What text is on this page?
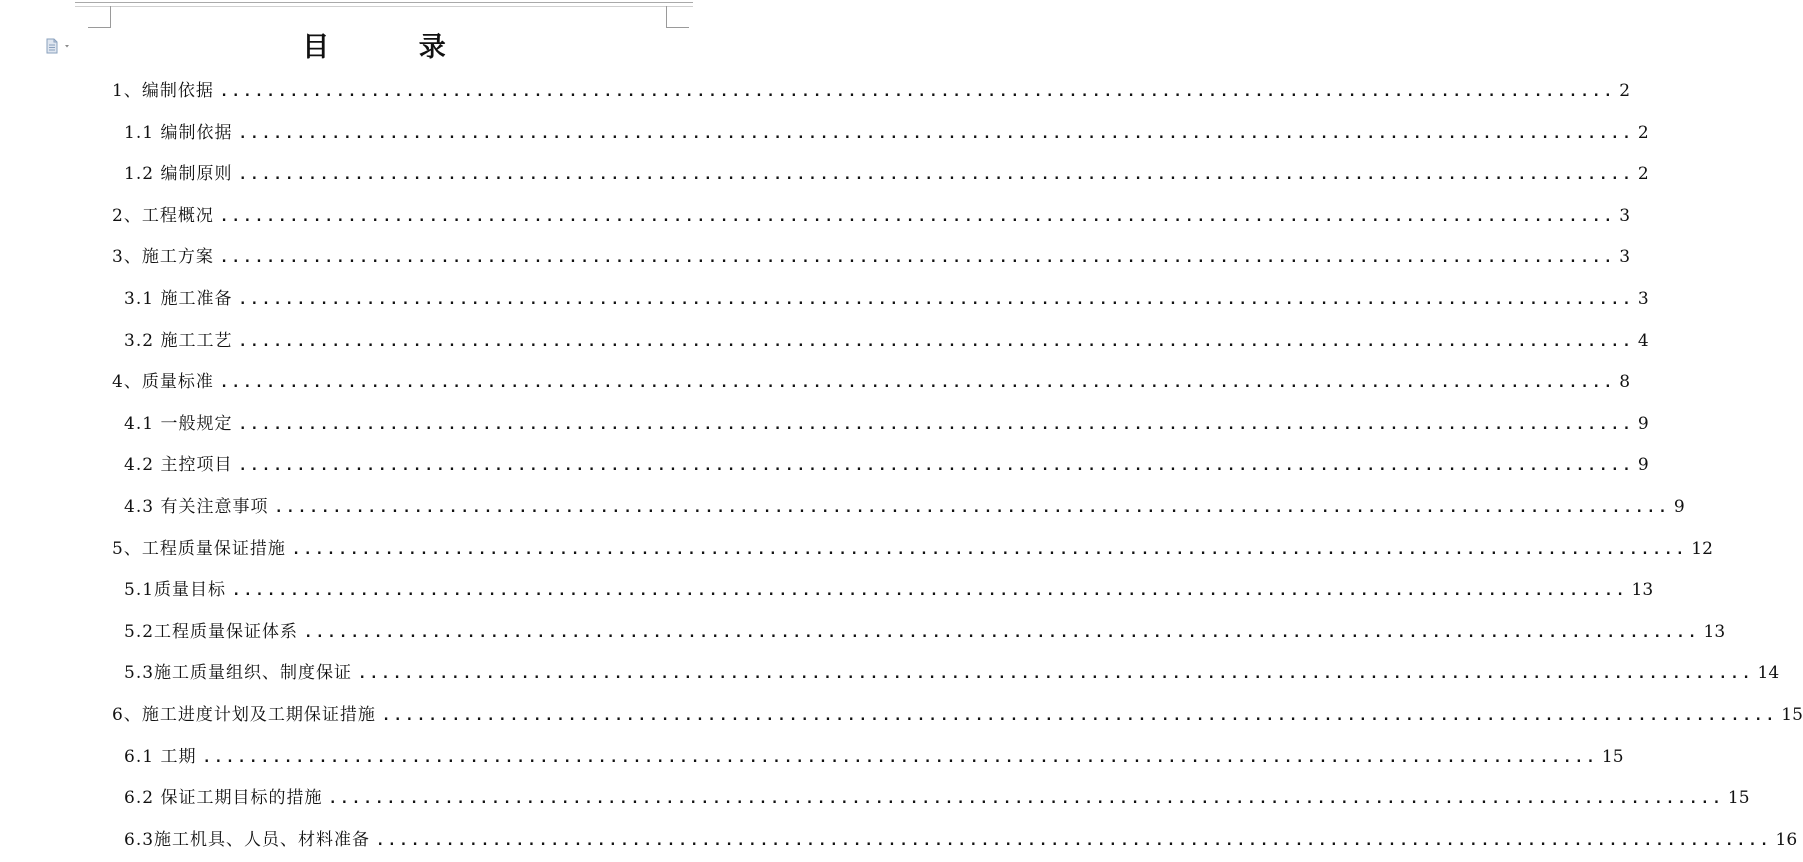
目 录
1、编制依据 ........................................................................................................................ 2
1.1 编制依据 ........................................................................................................................ 2
1.2 编制原则 ........................................................................................................................ 2
2、工程概况 ........................................................................................................................ 3
3、施工方案 ........................................................................................................................ 3
3.1 施工准备 ........................................................................................................................ 3
3.2 施工工艺 ........................................................................................................................ 4
4、质量标准 ........................................................................................................................ 8
4.1 一般规定 ........................................................................................................................ 9
4.2 主控项目 ........................................................................................................................ 9
4.3 有关注意事项 ........................................................................................................................ 9
5、工程质量保证措施 ........................................................................................................................ 12
5.1质量目标 ........................................................................................................................ 13
5.2工程质量保证体系 ........................................................................................................................ 13
5.3施工质量组织、制度保证 ........................................................................................................................ 14
6、施工进度计划及工期保证措施 ........................................................................................................................ 15
6.1 工期 ........................................................................................................................ 15
6.2 保证工期目标的措施 ........................................................................................................................ 15
6.3施工机具、人员、材料准备 ........................................................................................................................ 16
